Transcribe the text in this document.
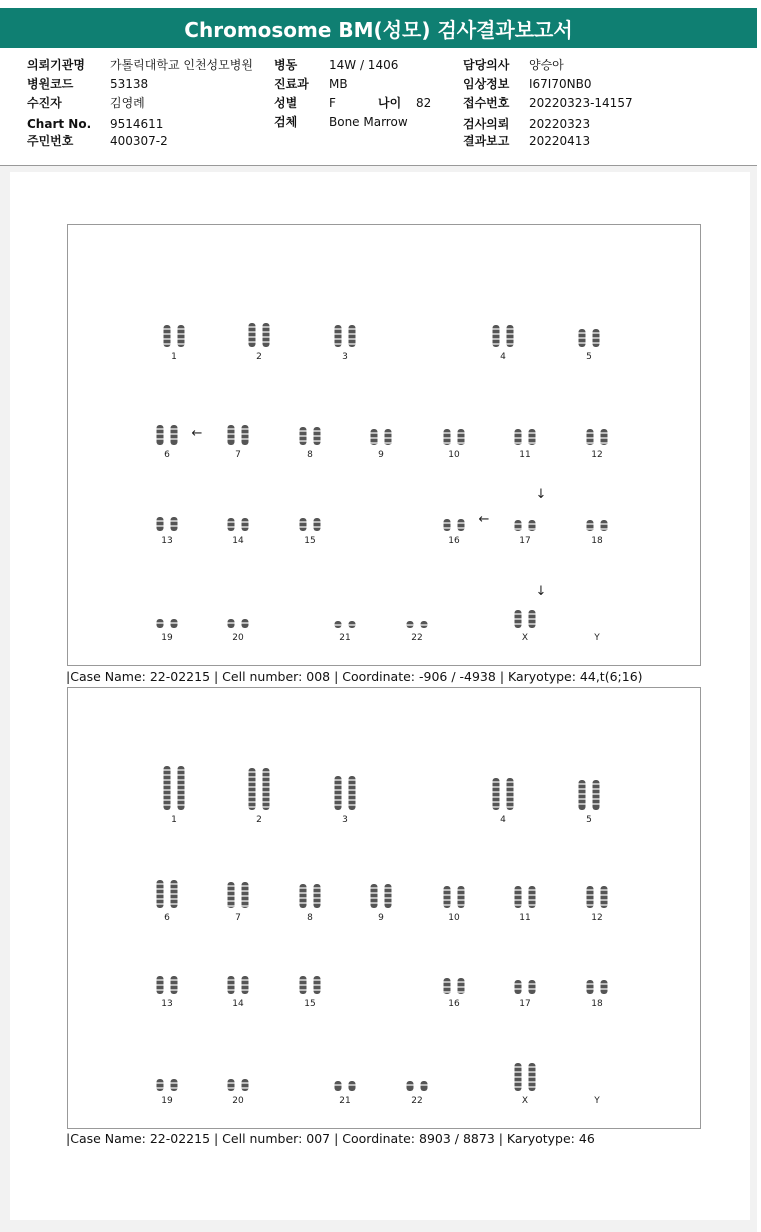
Chromosome BM(성모) 검사결과보고서
의뢰기관명 가톨릭대학교 인천성모병원
병원코드	53138
수진자	김영례
Chart No. 9514611
주민번호	400307-2
병동	14W / 1406
진료과 MB
성별	F	나이 82
검체	Bone Marrow
담당의사 양승아
임상정보 I67I70NB0
접수번호 20220323-14157
검사의뢰 20220323
결과보고 20220413
1	2	3	4	5
6	7	8	9	10	11	12
13	14	15	16	17	18
19	20	21	22	X	Y
←
←
↓
↓
|Case Name: 22-02215 | Cell number: 008 | Coordinate: -906 / -4938 | Karyotype: 44,t(6;16)
1	2	3	4	5
6	7	8	9	10	11	12
13	14	15	16	17	18
19	20	21	22	X	Y
|Case Name: 22-02215 | Cell number: 007 | Coordinate: 8903 / 8873 | Karyotype: 46
